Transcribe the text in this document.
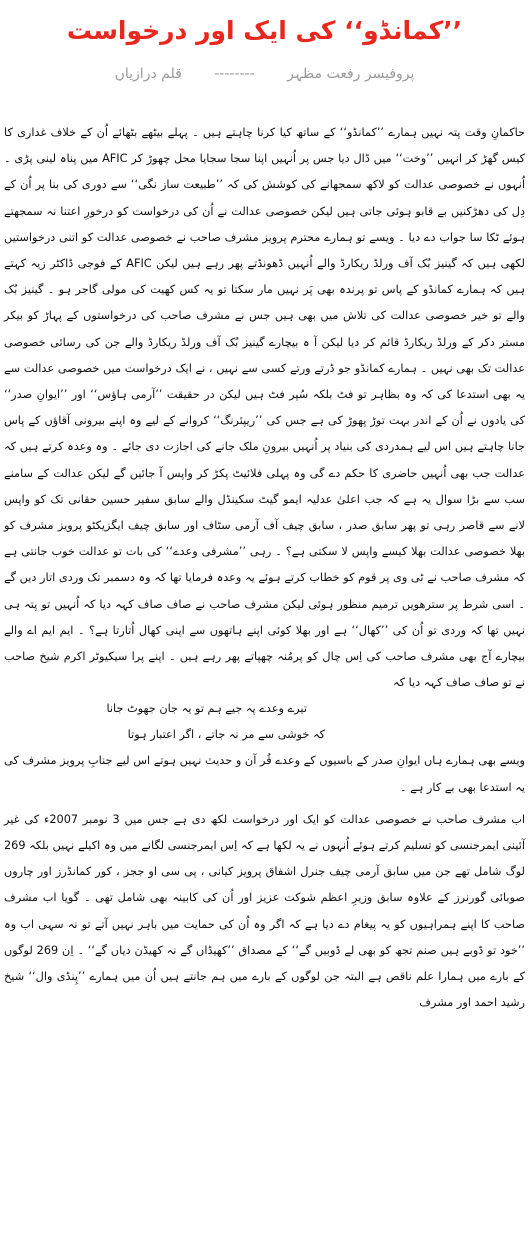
’’کمانڈو‘‘ کی ایک اور درخواست
پروفیسر رفعت مظہر -------- قلم درازیاں

حاکمانِ وقت پتہ نہیں ہمارے ’’کمانڈو‘‘ کے ساتھ کیا کرنا چاہتے ہیں ۔ پہلے بیٹھے بٹھائے اُن کے خلاف غداری کا کیس گھڑ کر انہیں ’’وخت‘‘ میں ڈال دیا جس پر اُنہیں اپنا سجا سجایا محل چھوڑ کر AFIC میں پناہ لینی پڑی ۔ اُنہوں نے خصوصی عدالت کو لاکھ سمجھانے کی کوشش کی کہ ’’طبیعت ساز نگی‘‘ سے دوری کی بنا پر اُن کے دِل کی دھڑکنیں بے قابو ہوئی جاتی ہیں لیکن خصوصی عدالت نے اُن کی درخواست کو درخورِ اعتنا نہ سمجھتے ہوئے ٹکا سا جواب دے دیا ۔ ویسے تو ہمارے محترم پرویز مشرف صاحب نے خصوصی عدالت کو اتنی درخواستیں لکھی ہیں کہ گینیز بُک آف ورلڈ ریکارڈ والے اُنہیں ڈھونڈتے پھر رہے ہیں لیکن AFIC کے فوجی ڈاکٹر زیہ کہتے ہیں کہ ہمارے کمانڈو کے پاس تو پرندہ بھی پَر نہیں مار سکتا تو یہ کس کھیت کی مولی گاجر ہو ۔ گینیز بُک والے تو خیر خصوصی عدالت کی تلاش میں بھی ہیں جس نے مشرف صاحب کی درخواستوں کے پہاڑ کو بیکر مستر دکر کے ورلڈ ریکارڈ قائم کر دیا لیکن آ ہ بیچارے گینیز بُک آف ورلڈ ریکارڈ والے جن کی رسائی خصوصی عدالت تک بھی نہیں ۔ ہمارے کمانڈو جو ڈرتے ورتے کسی سے نہیں ، نے ایک درخواست میں خصوصی عدالت سے یہ بھی استدعا کی کہ وہ بظاہر تو فٹ بلکہ سُپر فٹ ہیں لیکن در حقیقت ’’آرمی ہاؤس‘‘ اور ’’ایوانِ صدر‘‘ کی یادوں نے اُن کے اندر بہت توڑ پھوڑ کی ہے جس کی ’’ریپئرنگ‘‘ کروانے کے لیے وہ اپنے بیرونی آقاؤں کے پاس جانا چاہتے ہیں اس لیے ہمدردی کی بنیاد پر اُنہیں بیرونِ ملک جانے کی اجازت دی جائے ۔ وہ وعدہ کرتے ہیں کہ عدالت جب بھی اُنہیں حاضری کا حکم دے گی وہ پہلی فلائیٹ پکڑ کر واپس آ جائیں گے لیکن عدالت کے سامنے سب سے بڑا سوال یہ ہے کہ جب اعلیٰ عدلیہ ایمو گیٹ سکینڈل والے سابق سفیر حسین حقانی تک کو واپس لانے سے قاصر رہی تو پھر سابق صدر ، سابق چیف آف آرمی سٹاف اور سابق چیف ایگزیکٹو پرویز مشرف کو بھلا خصوصی عدالت بھلا کیسے واپس لا سکتی ہے؟ ۔ رہی ’’مشرفی وعدے‘‘ کی بات تو عدالت خوب جانتی ہے کہ مشرف صاحب نے ٹی وی پر قوم کو خطاب کرتے ہوئے یہ وعدہ فرمایا تھا کہ وہ دسمبر تک وردی اتار دیں گے ۔ اسی شرط پر سترھویں ترمیم منظور ہوئی لیکن مشرف صاحب نے صاف صاف کہہ دیا کہ اُنہیں تو پتہ ہی نہیں تھا کہ وردی تو اُن کی ’’کھال‘‘ ہے اور بھلا کوئی اپنے ہاتھوں سے اپنی کھال اُتارتا ہے؟ ۔ ایم ایم اے والے بیچارے آج بھی مشرف صاحب کی اِس چال کو پرمُنہ چھپاتے پھر رہے ہیں ۔ اپنے پرا سیکیوٹر اکرم شیخ صاحب نے تو صاف صاف کہہ دیا کہ

تیرے وعدے پہ جیے ہم تو یہ جان جھوٹ جانا
کہ خوشی سے مر نہ جاتے ، اگر اعتبار ہوتا

ویسے بھی ہمارے ہاں ایوانِ صدر کے باسیوں کے وعدے قُر آن و حدیث نہیں ہوتے اس لیے جنابِ پرویز مشرف کی یہ استدعا بھی بے کار ہے ۔

اب مشرف صاحب نے خصوصی عدالت کو ایک اور درخواست لکھ دی ہے جس میں 3 نومبر 2007ء کی غیر آئینی ایمرجنسی کو تسلیم کرتے ہوئے اُنہوں نے یہ لکھا ہے کہ اِس ایمرجنسی لگانے میں وہ اکیلے نہیں بلکہ 269 لوگ شامل تھے جن میں سابق آرمی چیف جنرل اشفاق پرویز کیانی ، پی سی او ججز ، کور کمانڈرز اور چاروں صوبائی گورنرز کے علاوہ سابق وزیرِ اعظم شوکت عزیز اور اُن کی کابینہ بھی شامل تھی ۔ گویا اب مشرف صاحب کا اپنے ہمراہیوں کو یہ پیغام دے دیا ہے کہ اگر وہ اُن کی حمایت میں باہر نہیں آتے تو نہ سہی اب وہ ’’خود تو ڈوبے ہیں صنم تجھ کو بھی لے ڈوبیں گے‘‘ کے مصداق ’’کھیڈاں گے نہ کھیڈن دیاں گے‘‘ ۔ اِن 269 لوگوں کے بارے میں ہمارا علم ناقص ہے البتہ جن لوگوں کے بارے میں ہم جانتے ہیں اُن میں ہمارے ’’پِنڈی وال‘‘ شیخ رشید احمد اور مشرف
